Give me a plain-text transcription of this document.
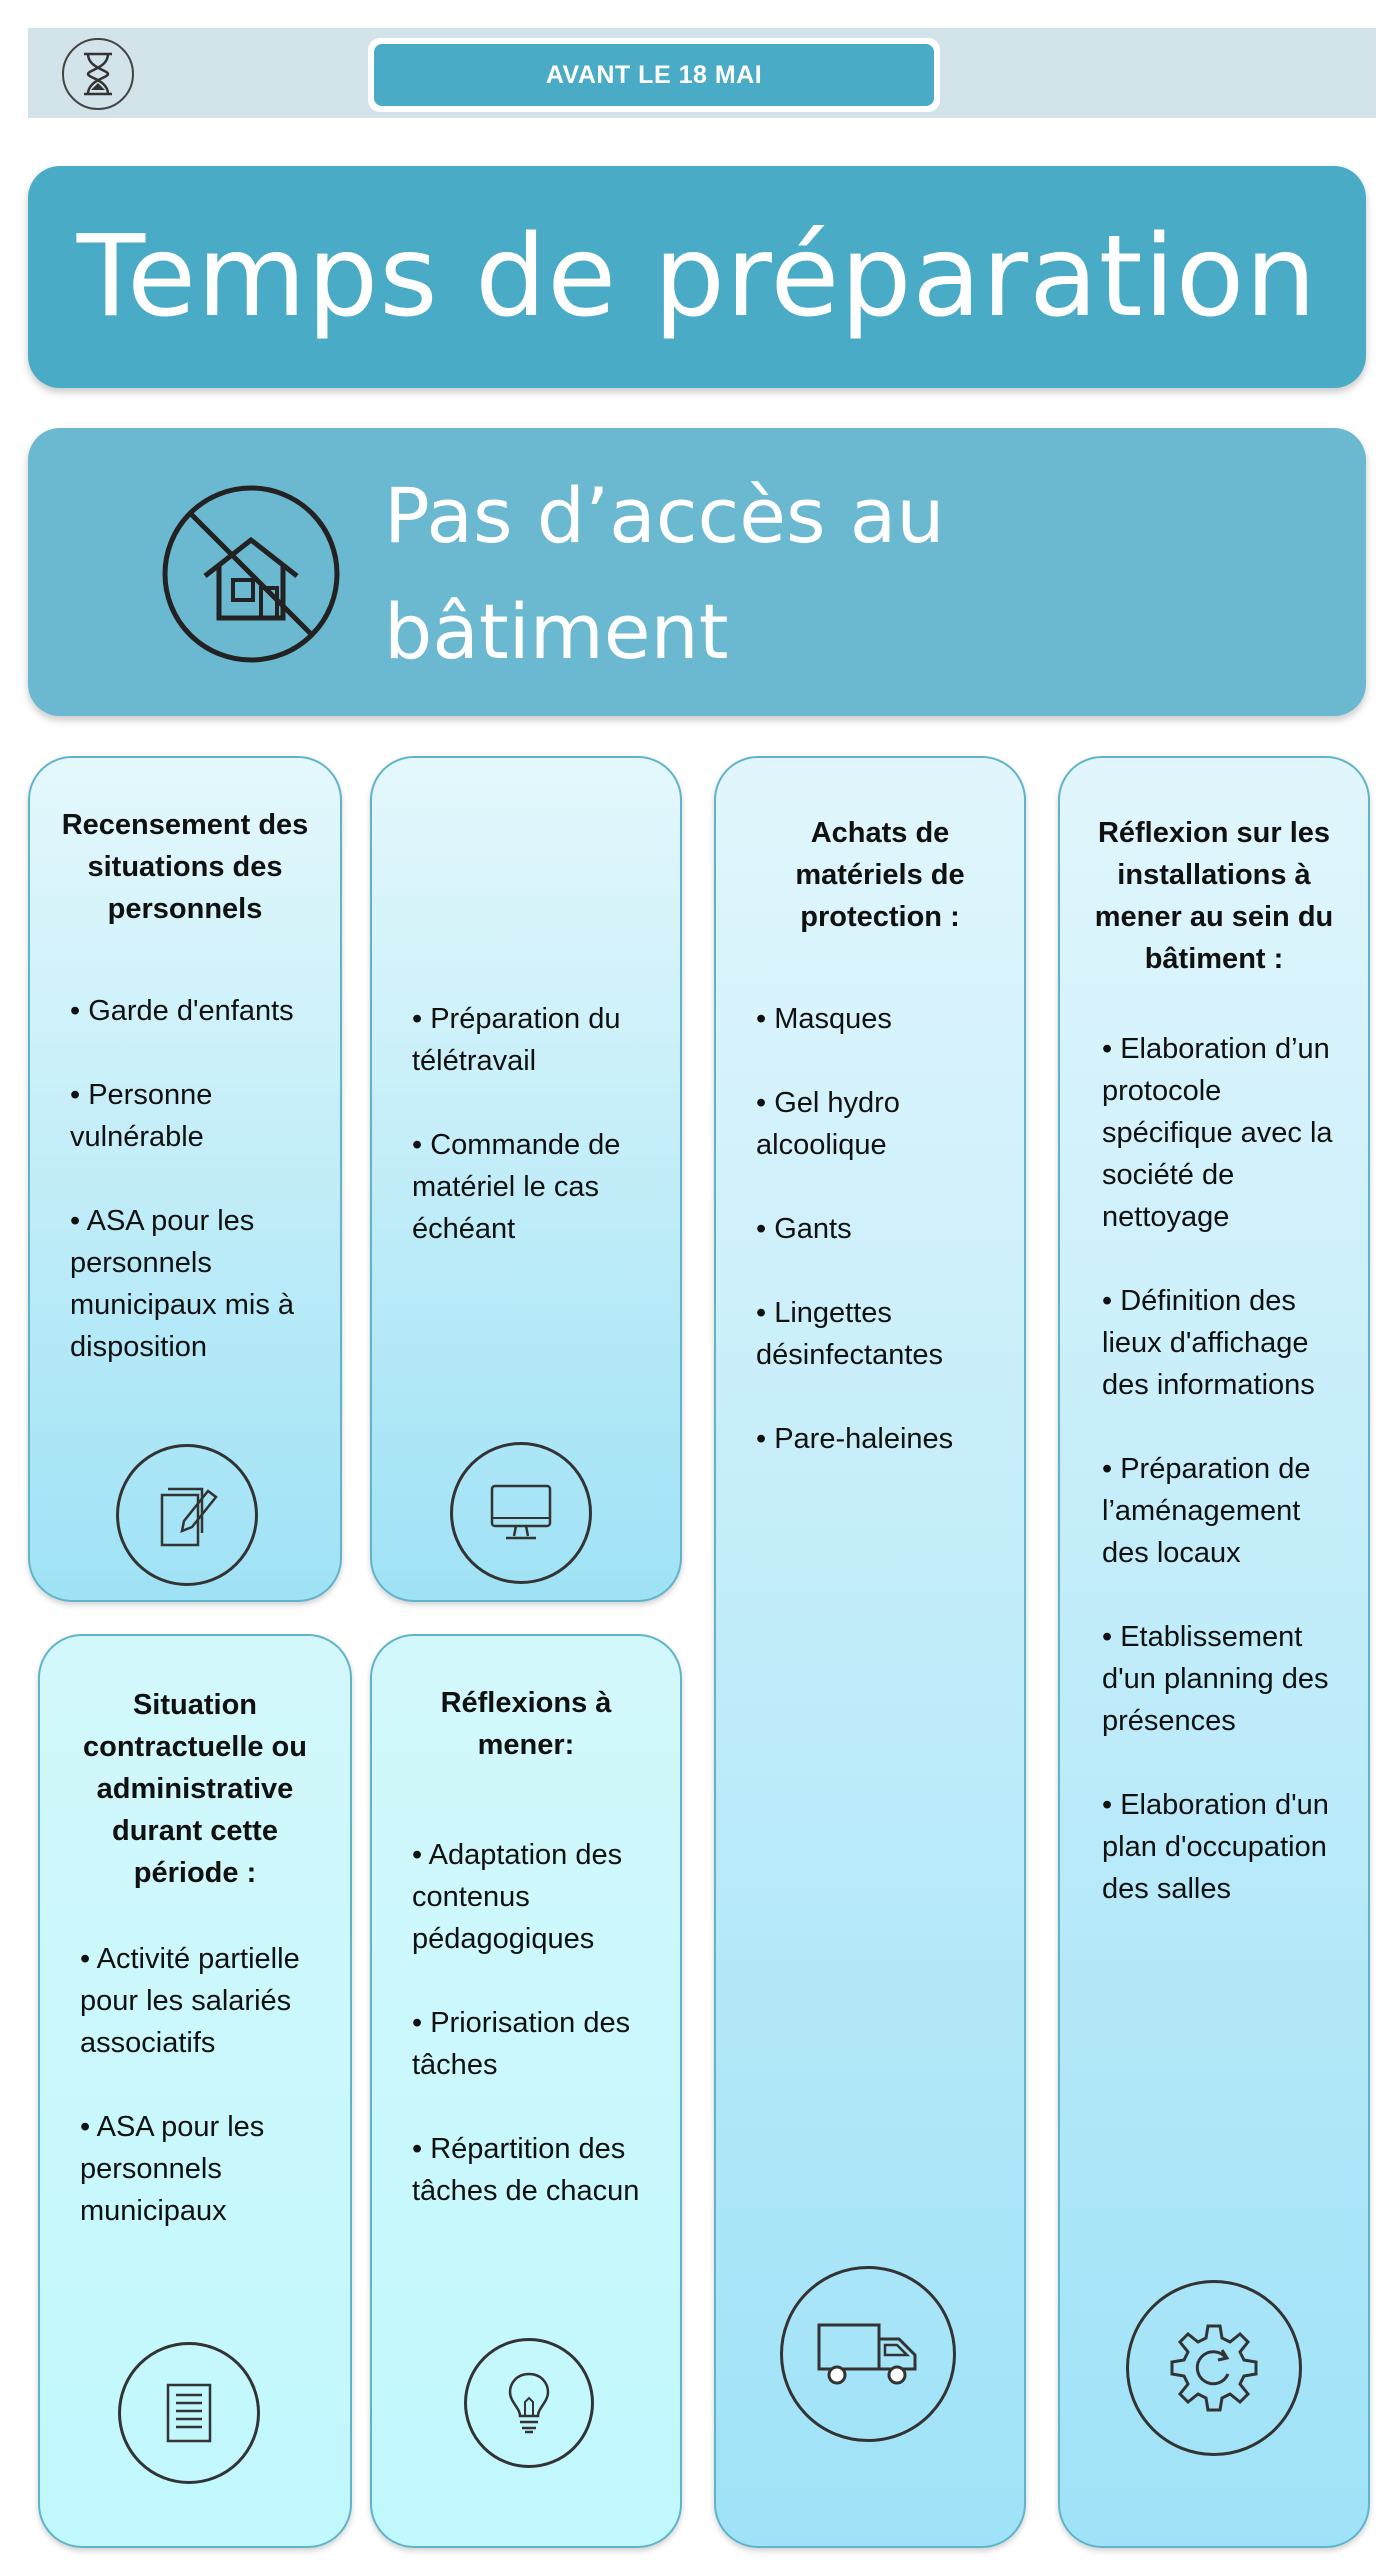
AVANT LE 18 MAI
Temps de préparation
Pas d’accès au
bâtiment
Recensement des situations des personnels
• Garde d'enfants
• Personne vulnérable
• ASA pour les personnels municipaux mis à disposition
• Préparation du télétravail
• Commande de matériel le cas échéant
Achats de matériels de protection :
• Masques
• Gel hydro alcoolique
• Gants
• Lingettes désinfectantes
• Pare-haleines
Réflexion sur les installations à mener au sein du bâtiment :
• Elaboration d’un protocole spécifique avec la société de nettoyage
• Définition des lieux d'affichage des informations
• Préparation de l’aménagement des locaux
• Etablissement d'un planning des présences
• Elaboration d'un plan d'occupation des salles
Situation contractuelle ou administrative durant cette période :
• Activité partielle pour les salariés associatifs
• ASA pour les personnels municipaux
Réflexions à mener:
• Adaptation des contenus pédagogiques
• Priorisation des tâches
• Répartition des tâches de chacun
